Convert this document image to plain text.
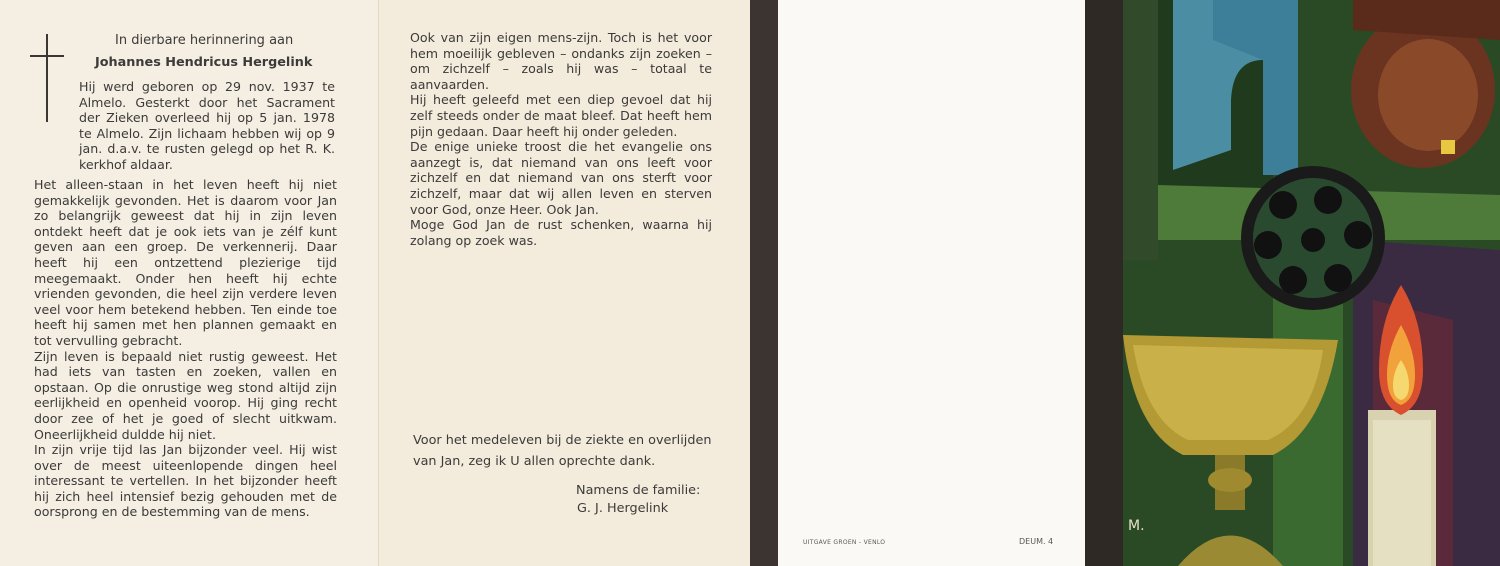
In dierbare herinnering aan
Johannes Hendricus Hergelink

Hij werd geboren op 29 nov. 1937 te Almelo. Gesterkt door het Sacrament der Zieken overleed hij op 5 jan. 1978 te Almelo. Zijn lichaam hebben wij op 9 jan. d.a.v. te rusten gelegd op het R. K. kerkhof aldaar.

Het alleen-staan in het leven heeft hij niet gemakkelijk gevonden. Het is daarom voor Jan zo belangrijk geweest dat hij in zijn leven ontdekt heeft dat je ook iets van je zélf kunt geven aan een groep. De verkennerij. Daar heeft hij een ontzettend plezierige tijd meegemaakt. Onder hen heeft hij echte vrienden gevonden, die heel zijn verdere leven veel voor hem betekend hebben. Ten einde toe heeft hij samen met hen plannen gemaakt en tot vervulling gebracht.

Zijn leven is bepaald niet rustig geweest. Het had iets van tasten en zoeken, vallen en opstaan. Op die onrustige weg stond altijd zijn eerlijkheid en openheid voorop. Hij ging recht door zee of het je goed of slecht uitkwam. Oneerlijkheid duldde hij niet.

In zijn vrije tijd las Jan bijzonder veel. Hij wist over de meest uiteenlopende dingen heel interessant te vertellen. In het bijzonder heeft hij zich heel intensief bezig gehouden met de oorsprong en de bestemming van de mens.

Ook van zijn eigen mens-zijn. Toch is het voor hem moeilijk gebleven – ondanks zijn zoeken – om zichzelf – zoals hij was – totaal te aanvaarden.

Hij heeft geleefd met een diep gevoel dat hij zelf steeds onder de maat bleef. Dat heeft hem pijn gedaan. Daar heeft hij onder geleden.

De enige unieke troost die het evangelie ons aanzegt is, dat niemand van ons leeft voor zichzelf en dat niemand van ons sterft voor zichzelf, maar dat wij allen leven en sterven voor God, onze Heer. Ook Jan.

Moge God Jan de rust schenken, waarna hij zolang op zoek was.

Voor het medeleven bij de ziekte en overlijden van Jan, zeg ik U allen oprechte dank.
Namens de familie:
G. J. Hergelink
UITGAVE GROEN - VENLO	DEUM. 4
M.
